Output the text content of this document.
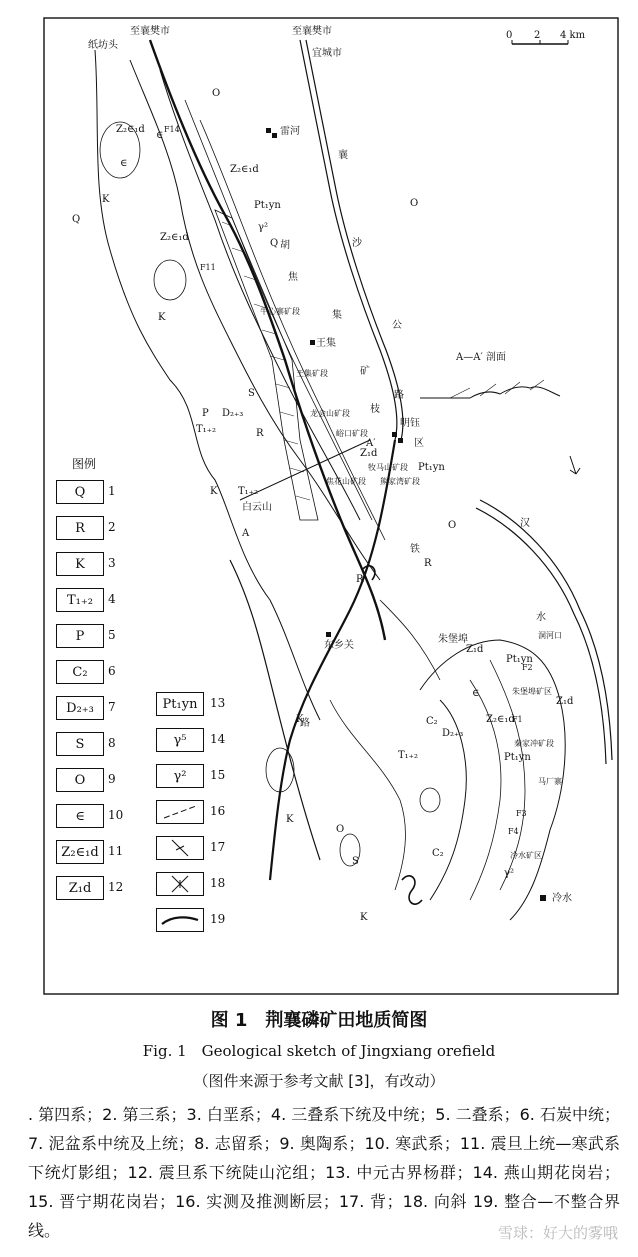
至襄樊市	至襄樊市
宜城市
纸坊头
雷河
王集
明钰
朱堡埠
冷水
白云山
东乡关
0 2 4 km
A—A′ 剖面
A
A′
牛心寨矿段
王集矿段
龙会山矿段
峪口矿段
牧马山矿段
熊家湾矿段
焦花山矿段
朱堡埠矿区
秦家冲矿段
冷水矿区
襄
沙
公
路
胡
焦
集
矿
枝
区
铁
路
汉
水
洞河口
马厂寨
Q
Q
K
K
K
K
K
K
R
R
R
O
O
O
O
S
S
P
T₁₊₂
T₁₊₂
T₁₊₂
D₂₊₃
D₂₊₃
Z₂∈₁d
Z₂∈₁d
Z₂∈₁d
Z₂∈₁d
Z₁d
Z₁d
Z₁d
Pt₁yn
Pt₁yn
Pt₁yn
Pt₁yn
∈
∈
∈
C₂
C₂
γ²
γ²
F14
F11
F1
F2
F3
F4
图例
图 1　荆襄磷矿田地质简图
Fig. 1　Geological sketch of Jingxiang orefield
（图件来源于参考文献 [3]，有改动）
. 第四系；2. 第三系；3. 白垩系；4. 三叠系下统及中统；5. 二叠系；6. 石炭中统；7. 泥盆系中统及上统；8. 志留系；9. 奥陶系；10. 寒武系；11. 震旦上统—寒武系下统灯影组；12. 震旦系下统陡山沱组；13. 中元古界杨群；14. 燕山期花岗岩；15. 晋宁期花岗岩；16. 实测及推测断层；17. 背；18. 向斜 19. 整合—不整合界线。	雪球：好大的雾哦
Q	1
R	2
K	3
T₁₊₂	4
P	5
C₂	6
D₂₊₃	7
S	8
O	9
∈	10
Z₂∈₁d 11
Z₁d	12
Pt₁yn	13
γ⁵	14
γ²	15
16
17
18
19
